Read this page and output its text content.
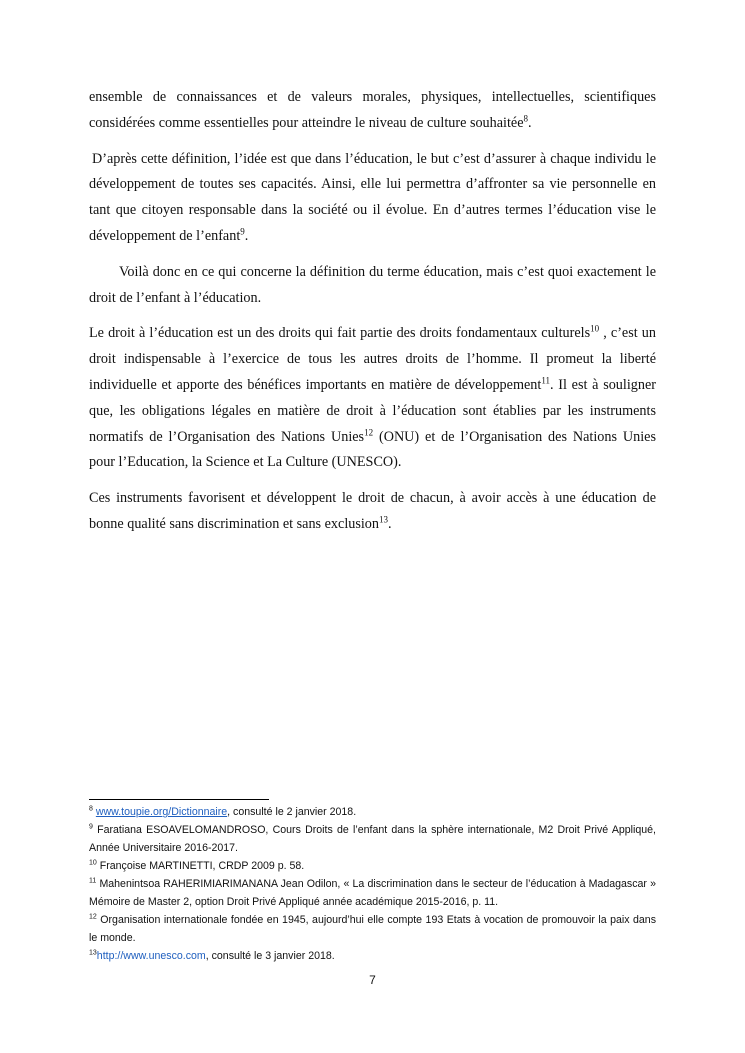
ensemble de connaissances et de valeurs morales, physiques, intellectuelles, scientifiques considérées comme essentielles pour atteindre le niveau de culture souhaitée$^8$.

D’après cette définition, l’idée est que dans l’éducation, le but c’est d’assurer à chaque individu le développement de toutes ses capacités. Ainsi, elle lui permettra d’affronter sa vie personnelle en tant que citoyen responsable dans la société ou il évolue. En d’autres termes l’éducation vise le développement de l’enfant$^9$.

Voilà donc en ce qui concerne la définition du terme éducation, mais c’est quoi exactement le droit de l’enfant à l’éducation.

Le droit à l’éducation est un des droits qui fait partie des droits fondamentaux culturels$^{10}$ , c’est un droit indispensable à l’exercice de tous les autres droits de l’homme. Il promeut la liberté individuelle et apporte des bénéfices importants en matière de développement$^{11}$. Il est à souligner que, les obligations légales en matière de droit à l’éducation sont établies par les instruments normatifs de l’Organisation des Nations Unies$^{12}$ (ONU) et de l’Organisation des Nations Unies pour l’Education, la Science et La Culture (UNESCO).

Ces instruments favorisent et développent le droit de chacun, à avoir accès à une éducation de bonne qualité sans discrimination et sans exclusion$^{13}$.

$^8$ www.toupie.org/Dictionnaire, consulté le 2 janvier 2018.

$^9$ Faratiana ESOAVELOMANDROSO, Cours Droits de l’enfant dans la sphère internationale, M2 Droit Privé Appliqué, Année Universitaire 2016-2017.

$^{10}$ Françoise MARTINETTI, CRDP 2009 p. 58.

$^{11}$ Mahenintsoa RAHERIMIARIMANANA Jean Odilon, « La discrimination dans le secteur de l’éducation à Madagascar » Mémoire de Master 2, option Droit Privé Appliqué année académique 2015-2016, p. 11.

$^{12}$ Organisation internationale fondée en 1945, aujourd’hui elle compte 193 Etats à vocation de promouvoir la paix dans le monde.

$^{13}$http://www.unesco.com, consulté le 3 janvier 2018.

7
